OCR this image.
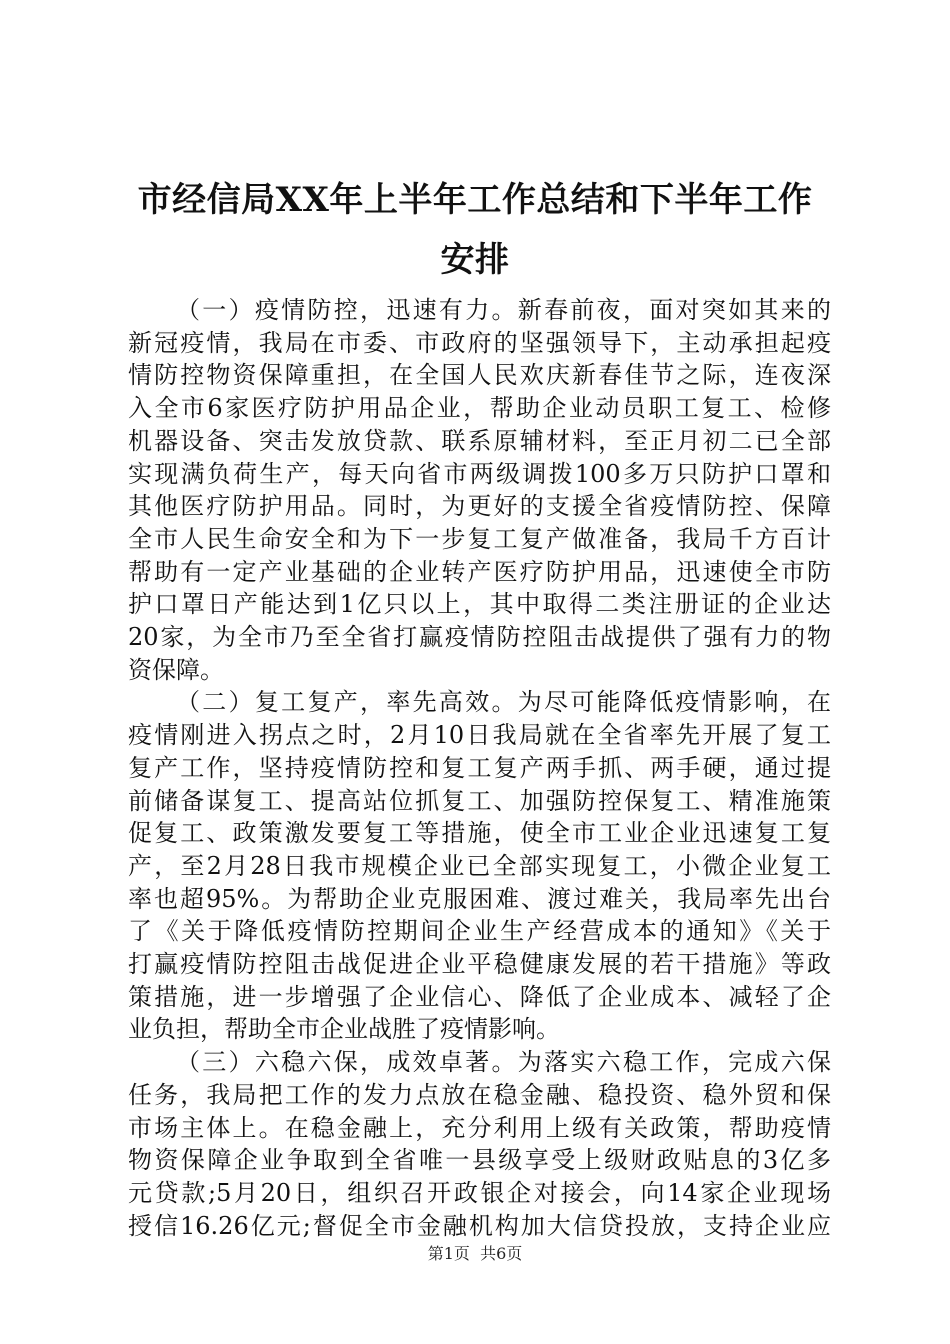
市经信局XX年上半年工作总结和下半年工作
安排
（一）疫情防控，迅速有力。新春前夜，面对突如其来的
新冠疫情，我局在市委、市政府的坚强领导下，主动承担起疫
情防控物资保障重担，在全国人民欢庆新春佳节之际，连夜深
入全市6家医疗防护用品企业，帮助企业动员职工复工、检修
机器设备、突击发放贷款、联系原辅材料，至正月初二已全部
实现满负荷生产，每天向省市两级调拨100多万只防护口罩和
其他医疗防护用品。同时，为更好的支援全省疫情防控、保障
全市人民生命安全和为下一步复工复产做准备，我局千方百计
帮助有一定产业基础的企业转产医疗防护用品，迅速使全市防
护口罩日产能达到1亿只以上，其中取得二类注册证的企业达
20家，为全市乃至全省打赢疫情防控阻击战提供了强有力的物
资保障。
（二）复工复产，率先高效。为尽可能降低疫情影响，在
疫情刚进入拐点之时，2月10日我局就在全省率先开展了复工
复产工作，坚持疫情防控和复工复产两手抓、两手硬，通过提
前储备谋复工、提高站位抓复工、加强防控保复工、精准施策
促复工、政策激发要复工等措施，使全市工业企业迅速复工复
产，至2月28日我市规模企业已全部实现复工，小微企业复工
率也超95%。为帮助企业克服困难、渡过难关，我局率先出台
了《关于降低疫情防控期间企业生产经营成本的通知》《关于
打赢疫情防控阻击战促进企业平稳健康发展的若干措施》等政
策措施，进一步增强了企业信心、降低了企业成本、减轻了企
业负担，帮助全市企业战胜了疫情影响。
（三）六稳六保，成效卓著。为落实六稳工作，完成六保
任务，我局把工作的发力点放在稳金融、稳投资、稳外贸和保
市场主体上。在稳金融上，充分利用上级有关政策，帮助疫情
物资保障企业争取到全省唯一县级享受上级财政贴息的3亿多
元贷款;5月20日，组织召开政银企对接会，向14家企业现场
授信16.26亿元;督促全市金融机构加大信贷投放，支持企业应
第1页 共6页
